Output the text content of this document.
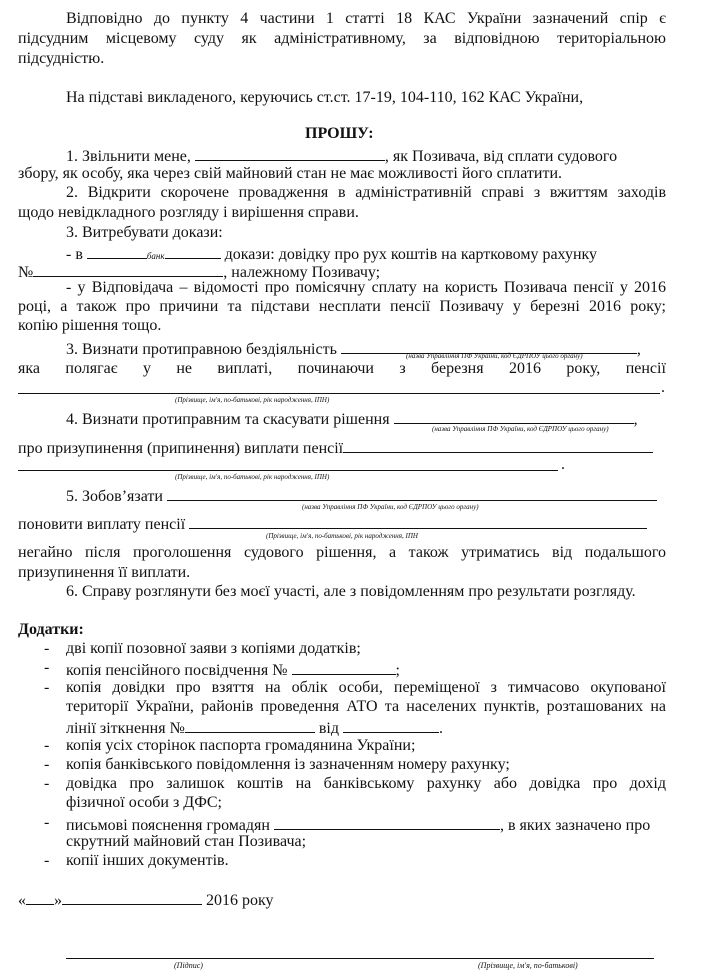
Відповідно до пункту 4 частини 1 статті 18 КАС України зазначений спір є
підсудним місцевому суду як адміністративному, за відповідною територіальною
підсудністю.
На підставі викладеного, керуючись ст.ст. 17-19, 104-110, 162 КАС України,
ПРОШУ:
1. Звільнити мене,	, як Позивача, від сплати судового
збору, як особу, яка через свій майновий стан не має можливості його сплатити.
2. Відкрити скорочене провадження в адміністративній справі з вжиттям заходів
щодо невідкладного розгляду і вирішення справи.
3. Витребувати докази:
- в	банк	докази: довідку про рух коштів на картковому рахунку
№	, належному Позивачу;
- у Відповідача – відомості про помісячну сплату на користь Позивача пенсії у 2016
році, а також про причини та підстави несплати пенсії Позивачу у березні 2016 року;
копію рішення тощо.
3. Визнати протиправною бездіяльність	,
(назва Управління ПФ України, код ЄДРПОУ цього органу)
яка полягає у не виплаті, починаючи з березня 2016 року, пенсії
.
(Прізвище, ім'я, по-батькові, рік народження, ІПН)
4. Визнати протиправним та скасувати рішення	,
(назва Управління ПФ України, код ЄДРПОУ цього органу)
про призупинення (припинення) виплати пенсії
.
(Прізвище, ім'я, по-батькові, рік народження, ІПН)
5. Зобов’язати
(назва Управління ПФ України, код ЄДРПОУ цього органу)
поновити виплату пенсії
(Прізвище, ім'я, по-батькові, рік народження, ІПН
негайно після проголошення судового рішення, а також утриматись від подальшого
призупинення її виплати.
6. Справу розглянути без моєї участі, але з повідомленням про результати розгляду.
Додатки:
- дві копії позовної заяви з копіями додатків;
- копія пенсійного посвідчення №	;
- копія довідки про взяття на облік особи, переміщеної з тимчасово окупованої
території України, районів проведення АТО та населених пунктів, розташованих на
лінії зіткнення №	від	.
- копія усіх сторінок паспорта громадянина України;
- копія банківського повідомлення із зазначенням номеру рахунку;
- довідка про залишок коштів на банківському рахунку або довідка про дохід
фізичної особи з ДФС;
- письмові пояснення громадян	, в яких зазначено про
скрутний майновий стан Позивача;
- копії інших документів.
« »	2016 року
(Підпис)	(Прізвище, ім'я, по-батькові)
